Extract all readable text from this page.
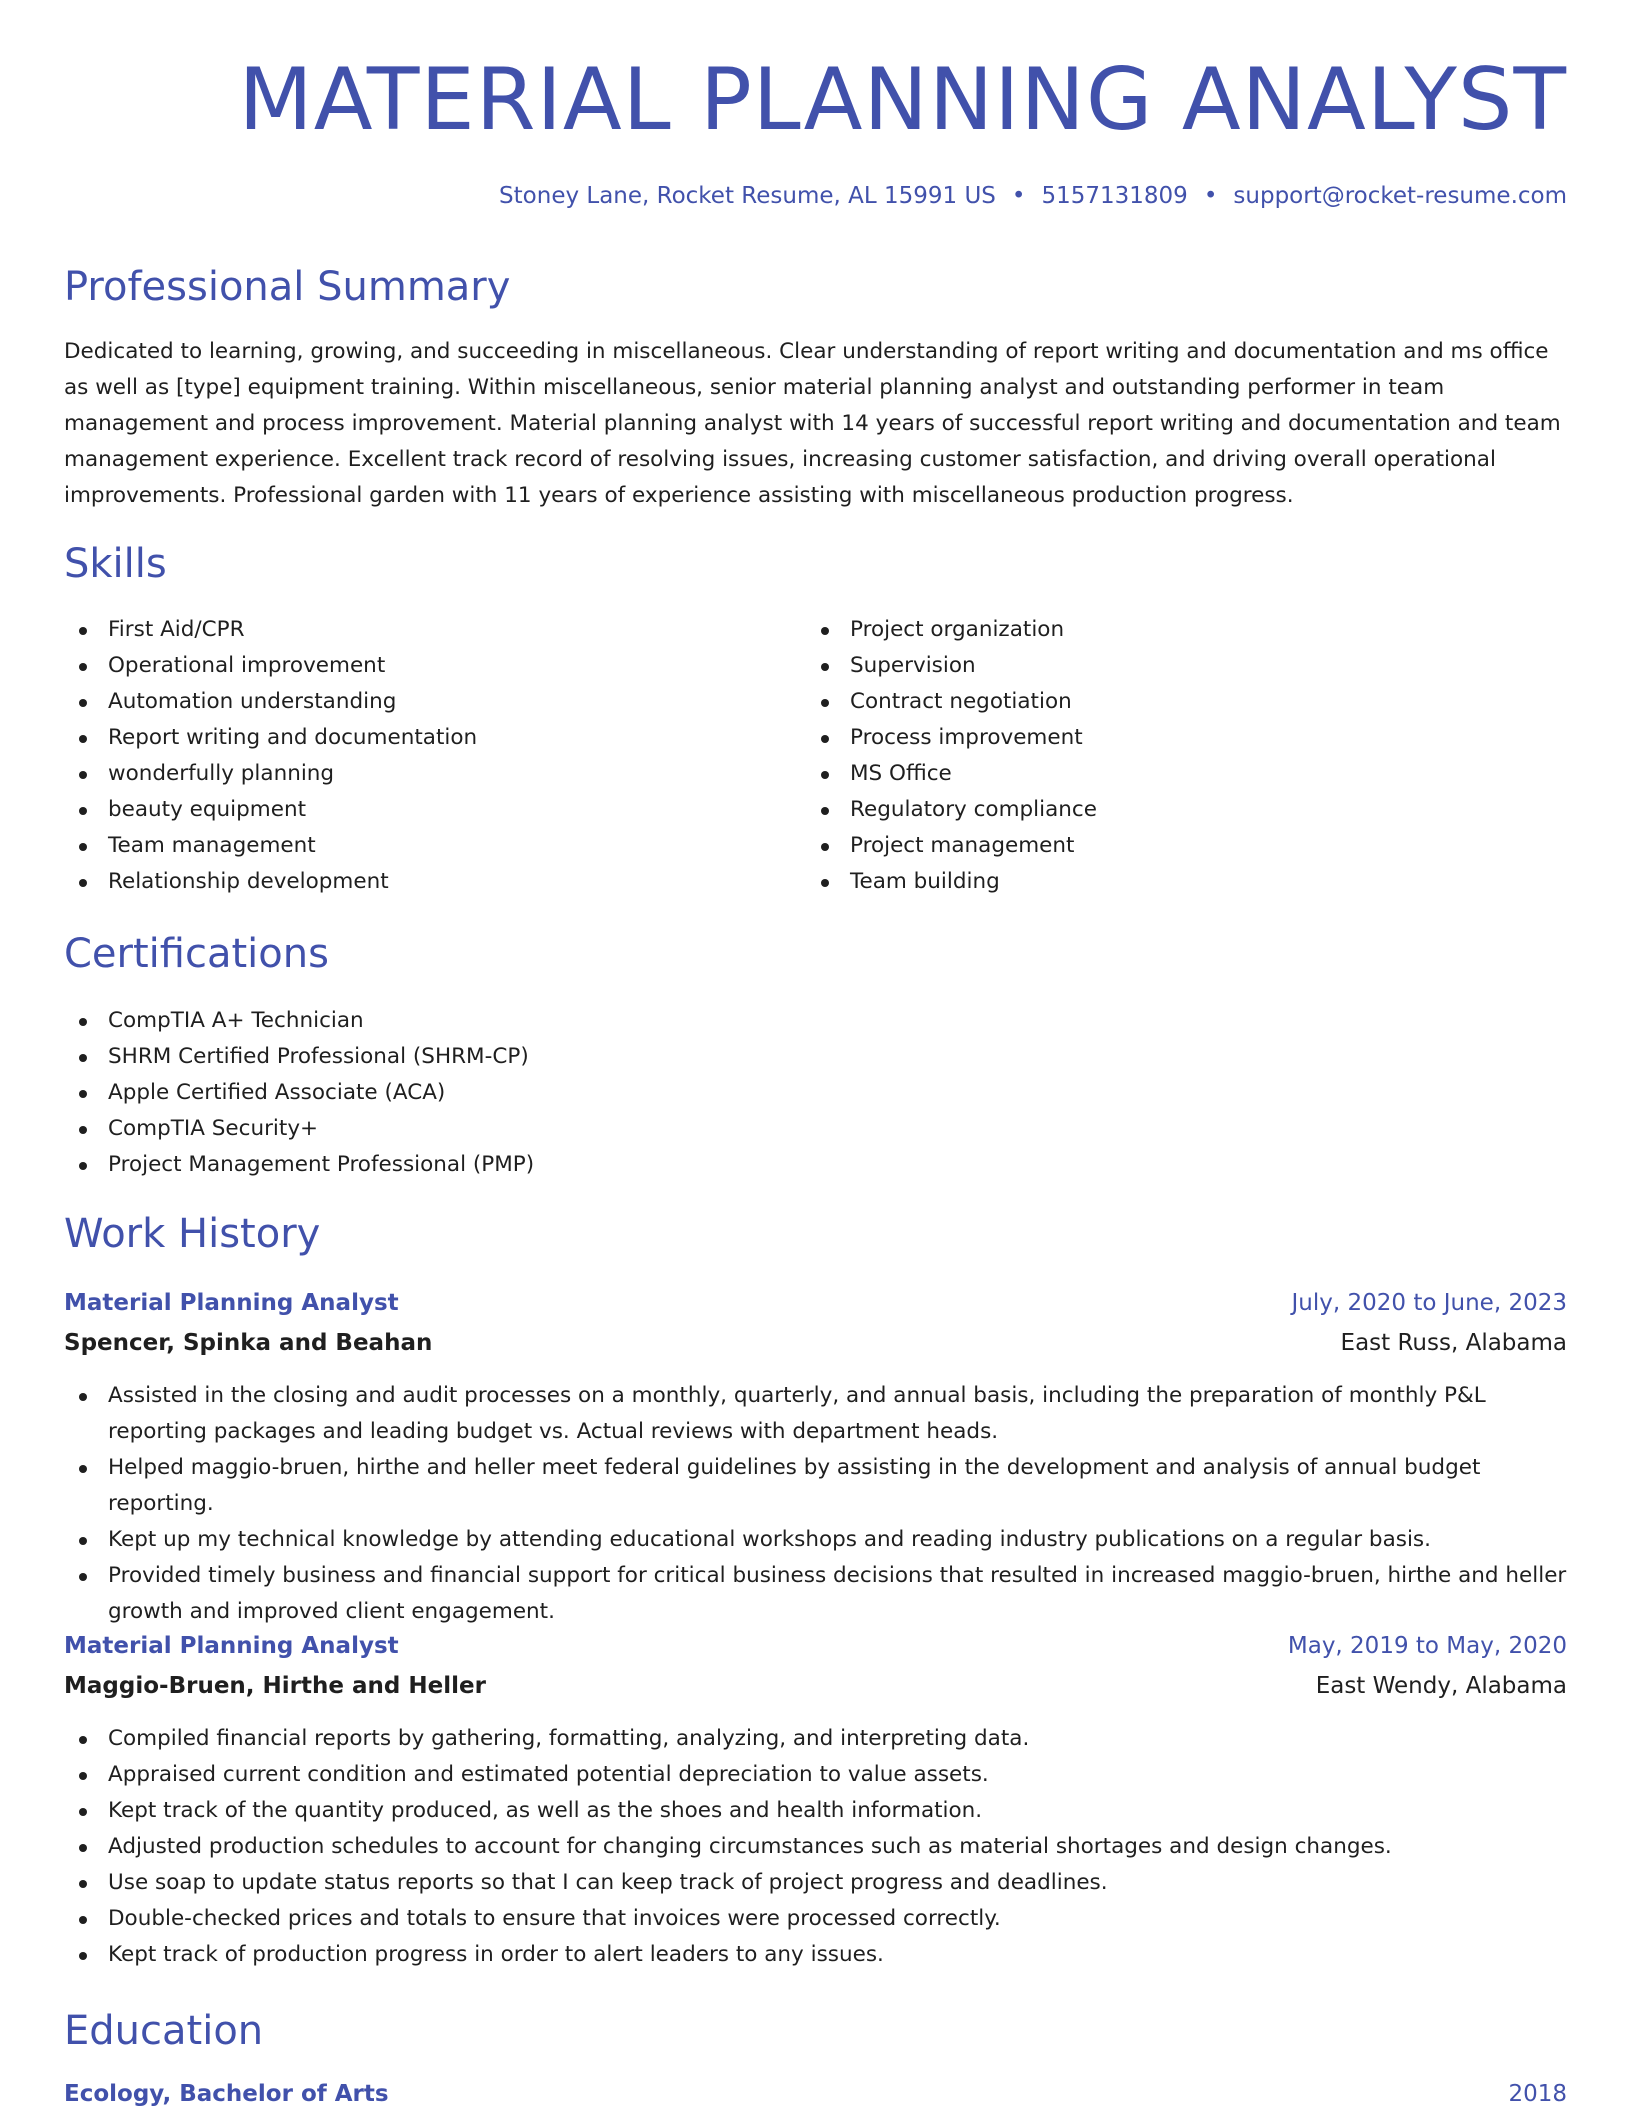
MATERIAL PLANNING ANALYST
Stoney Lane, Rocket Resume, AL 15991 US • 5157131809 • support@rocket-resume.com
Professional Summary

Dedicated to learning, growing, and succeeding in miscellaneous. Clear understanding of report writing and documentation and ms office as well as [type] equipment training. Within miscellaneous, senior material planning analyst and outstanding performer in team management and process improvement. Material planning analyst with 14 years of successful report writing and documentation and team management experience. Excellent track record of resolving issues, increasing customer satisfaction, and driving overall operational improvements. Professional garden with 11 years of experience assisting with miscellaneous production progress.

Skills
First Aid/CPR
Operational improvement
Automation understanding
Report writing and documentation
wonderfully planning
beauty equipment
Team management
Relationship development
Project organization
Supervision
Contract negotiation
Process improvement
MS Office
Regulatory compliance
Project management
Team building
Certifications
CompTIA A+ Technician
SHRM Certified Professional (SHRM-CP)
Apple Certified Associate (ACA)
CompTIA Security+
Project Management Professional (PMP)
Work History
Material Planning Analyst	July, 2020 to June, 2023
Spencer, Spinka and Beahan	East Russ, Alabama
Assisted in the closing and audit processes on a monthly, quarterly, and annual basis, including the preparation of monthly P&L reporting packages and leading budget vs. Actual reviews with department heads.
Helped maggio-bruen, hirthe and heller meet federal guidelines by assisting in the development and analysis of annual budget reporting.
Kept up my technical knowledge by attending educational workshops and reading industry publications on a regular basis.
Provided timely business and financial support for critical business decisions that resulted in increased maggio-bruen, hirthe and heller growth and improved client engagement.
Material Planning Analyst	May, 2019 to May, 2020
Maggio-Bruen, Hirthe and Heller	East Wendy, Alabama
Compiled financial reports by gathering, formatting, analyzing, and interpreting data.
Appraised current condition and estimated potential depreciation to value assets.
Kept track of the quantity produced, as well as the shoes and health information.
Adjusted production schedules to account for changing circumstances such as material shortages and design changes.
Use soap to update status reports so that I can keep track of project progress and deadlines.
Double-checked prices and totals to ensure that invoices were processed correctly.
Kept track of production progress in order to alert leaders to any issues.
Education
Ecology, Bachelor of Arts	2018
